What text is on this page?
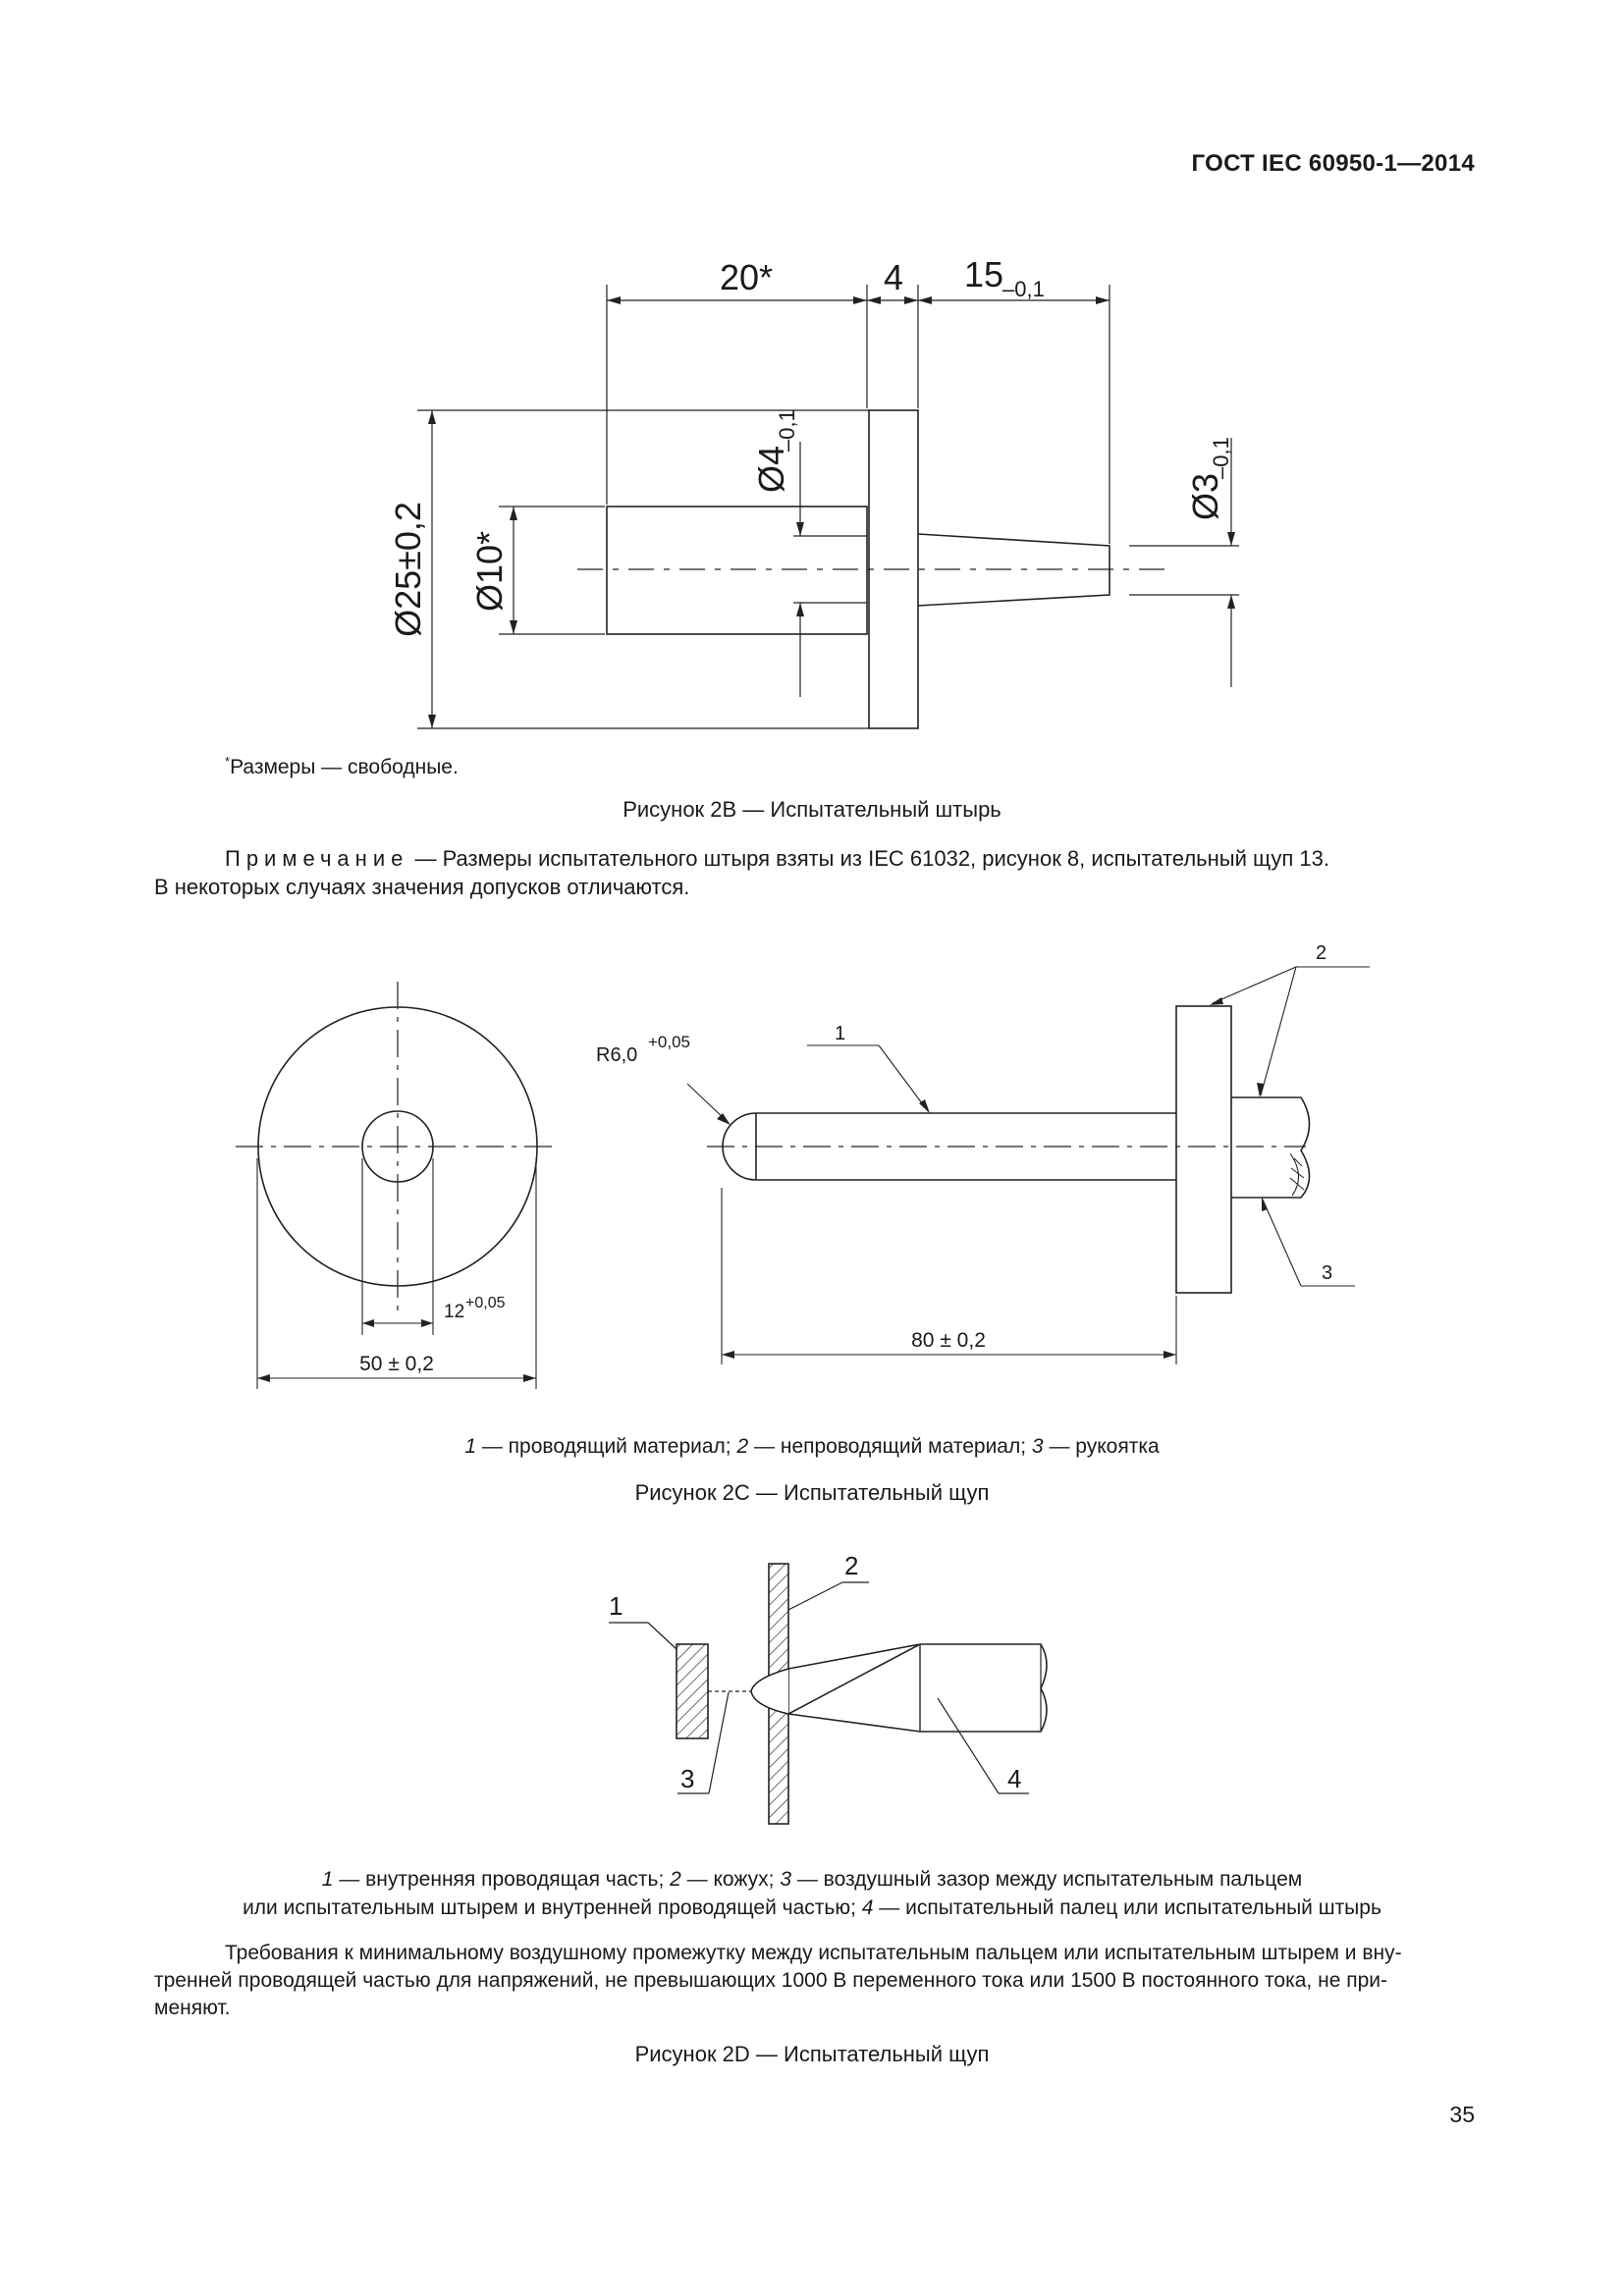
ГОСТ IEC 60950-1—2014
20*	4 15
–0,1
Ø25±0,2 Ø10*
Ø4
–0,1
Ø3
–0,1
*Размеры — свободные.
Рисунок 2В — Испытательный штырь
Примечание — Размеры испытательного штыря взяты из IEC 61032, рисунок 8, испытательный щуп 13.
В некоторых случаях значения допусков отличаются.
50 ± 0,2
12 +0,05
R6,0
+0,05
80 ± 0,2
1
2
3
1 — проводящий материал; 2 — непроводящий материал; 3 — рукоятка
Рисунок 2С — Испытательный щуп
1
2
3	4
1 — внутренняя проводящая часть; 2 — кожух; 3 — воздушный зазор между испытательным пальцем
или испытательным штырем и внутренней проводящей частью; 4 — испытательный палец или испытательный штырь
Требования к минимальному воздушному промежутку между испытательным пальцем или испытательным штырем и вну-
тренней проводящей частью для напряжений, не превышающих 1000 В переменного тока или 1500 В постоянного тока, не при-
меняют.
Рисунок 2D — Испытательный щуп
35
